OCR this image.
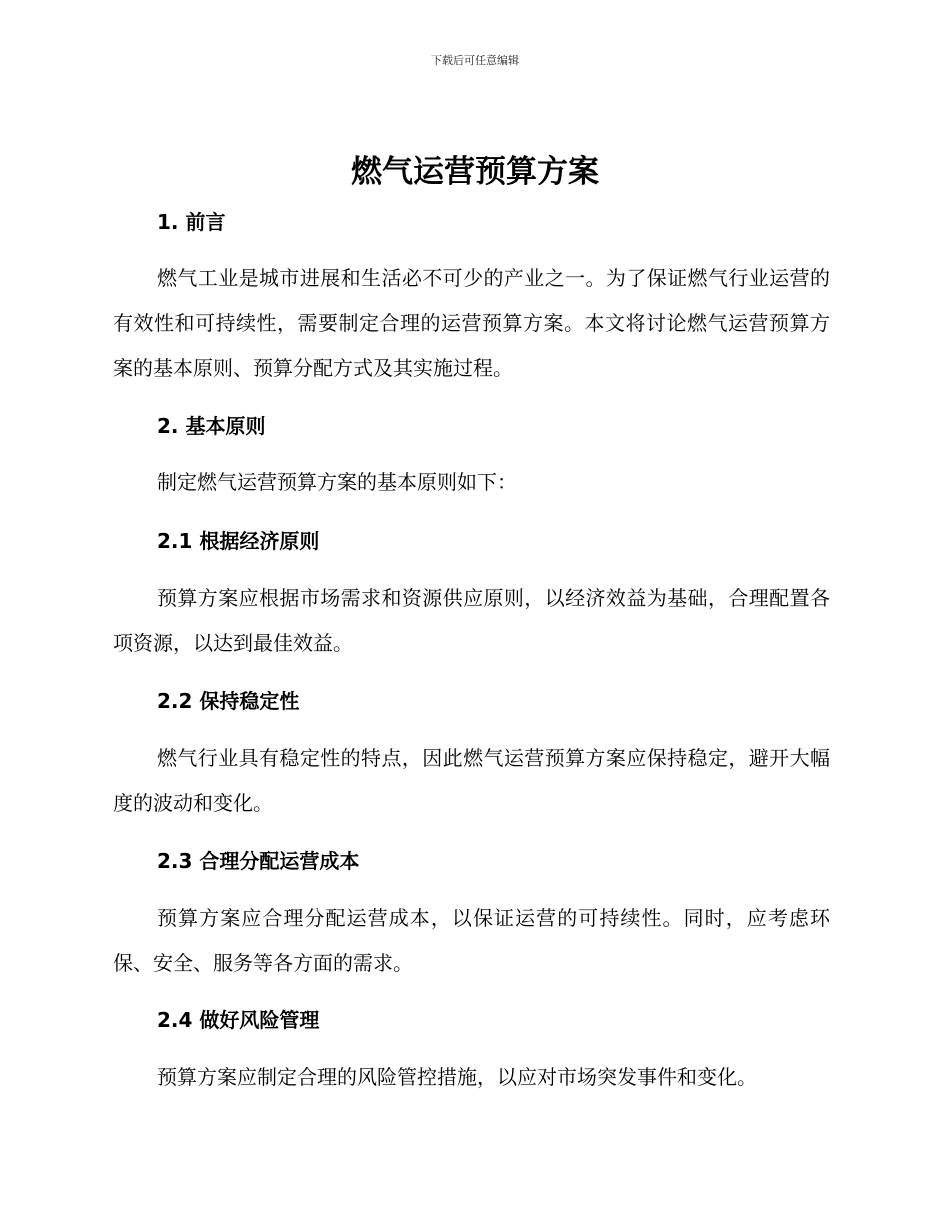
下载后可任意编辑
燃气运营预算方案
1. 前言

燃气工业是城市进展和生活必不可少的产业之一。为了保证燃气行业运营的有效性和可持续性，需要制定合理的运营预算方案。本文将讨论燃气运营预算方案的基本原则、预算分配方式及其实施过程。

2. 基本原则

制定燃气运营预算方案的基本原则如下：

2.1 根据经济原则

预算方案应根据市场需求和资源供应原则，以经济效益为基础，合理配置各项资源，以达到最佳效益。

2.2 保持稳定性

燃气行业具有稳定性的特点，因此燃气运营预算方案应保持稳定，避开大幅度的波动和变化。

2.3 合理分配运营成本

预算方案应合理分配运营成本，以保证运营的可持续性。同时，应考虑环保、安全、服务等各方面的需求。

2.4 做好风险管理

预算方案应制定合理的风险管控措施，以应对市场突发事件和变化。
